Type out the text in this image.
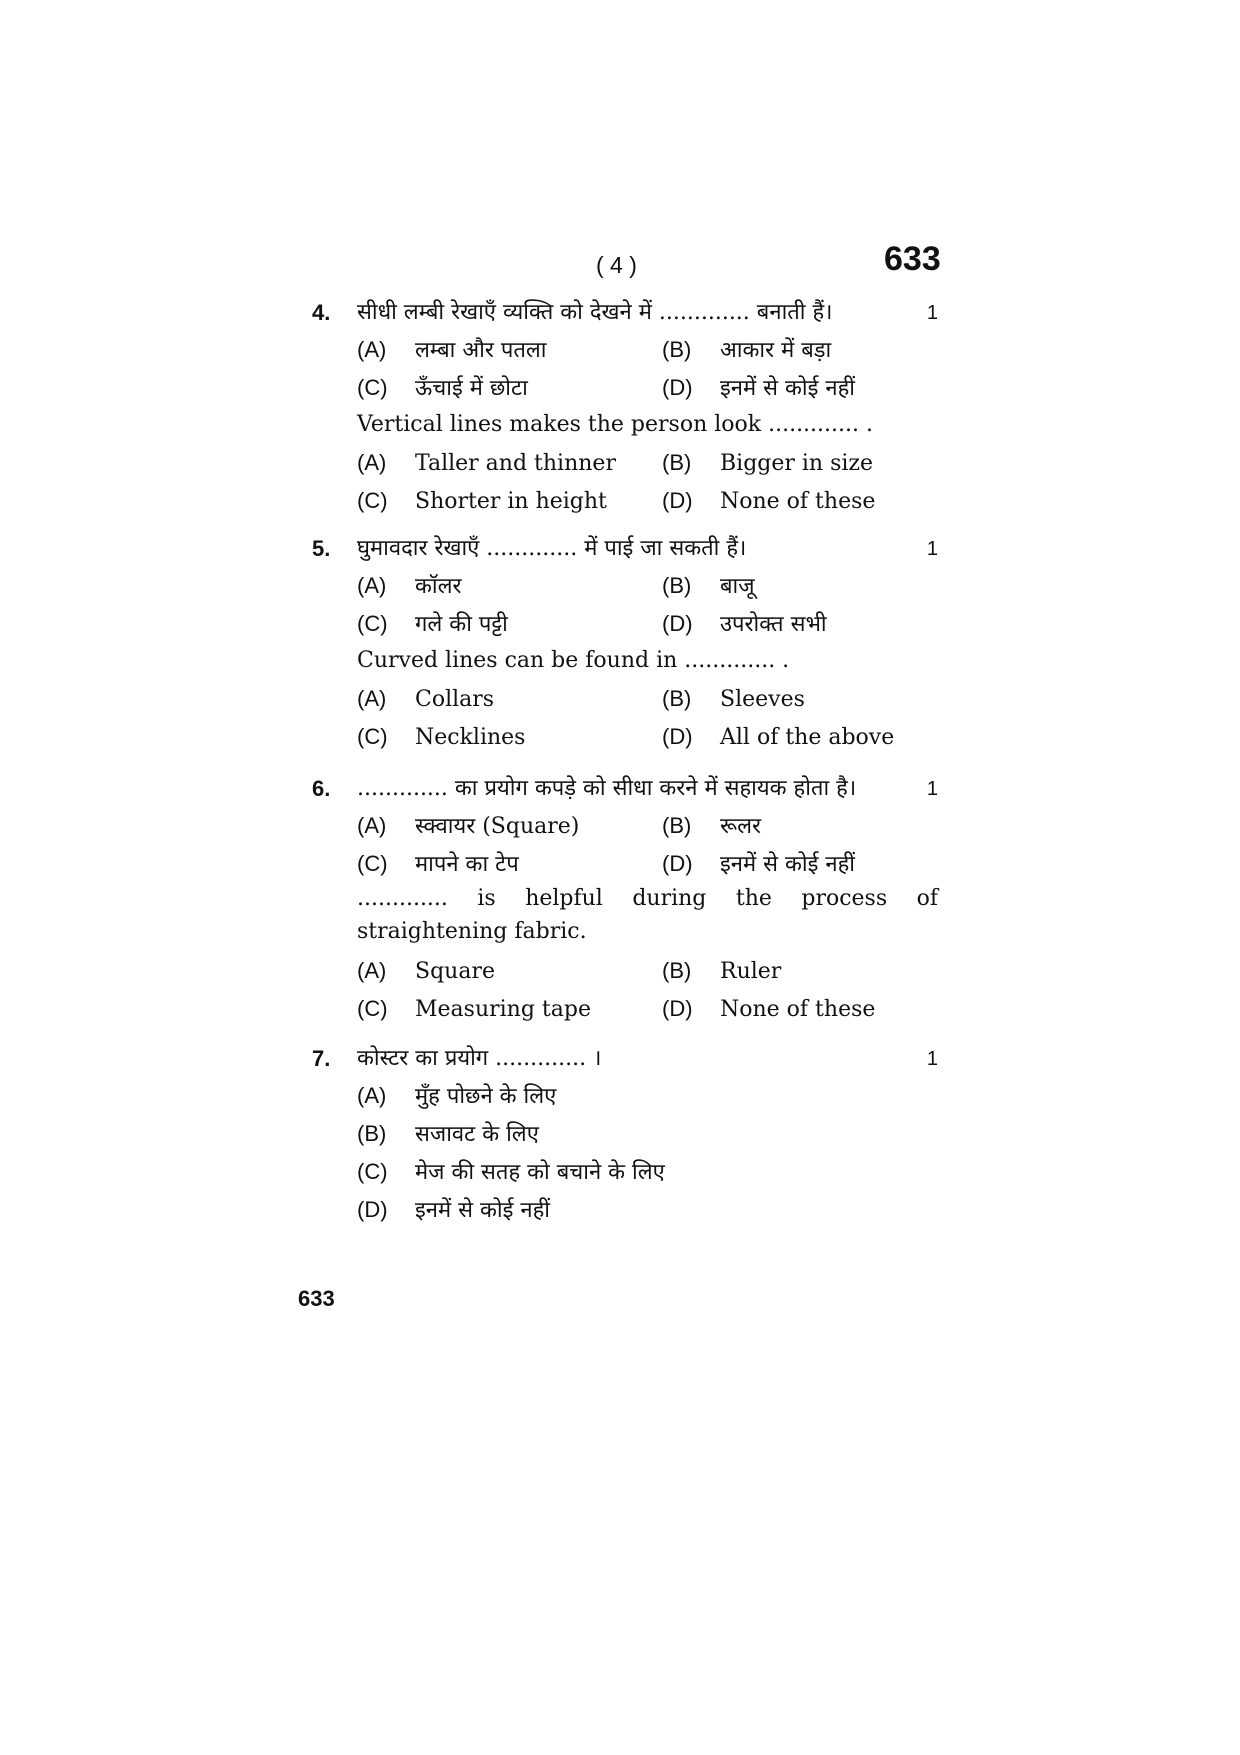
( 4 )	633
4. सीधी लम्बी रेखाएँ व्यक्ति को देखने में ............. बनाती हैं।	1
(A) लम्बा और पतला	(B) आकार में बड़ा
(C) ऊँचाई में छोटा	(D) इनमें से कोई नहीं
Vertical lines makes the person look ............. .
(A) Taller and thinner (B) Bigger in size
(C) Shorter in height	(D) None of these
5. घुमावदार रेखाएँ ............. में पाई जा सकती हैं।	1
(A) कॉलर	(B) बाजू
(C) गले की पट्टी	(D) उपरोक्त सभी
Curved lines can be found in ............. .
(A) Collars	(B) Sleeves
(C) Necklines	(D) All of the above
6. ............. का प्रयोग कपड़े को सीधा करने में सहायक होता है।	1
(A) स्क्वायर (Square)	(B) रूलर
(C) मापने का टेप	(D) इनमें से कोई नहीं
............. is helpful during the process of straightening fabric.
(A) Square	(B) Ruler
(C) Measuring tape	(D) None of these
7. कोस्टर का प्रयोग ............. ।	1
(A) मुँह पोछने के लिए
(B) सजावट के लिए
(C) मेज की सतह को बचाने के लिए
(D) इनमें से कोई नहीं
633
